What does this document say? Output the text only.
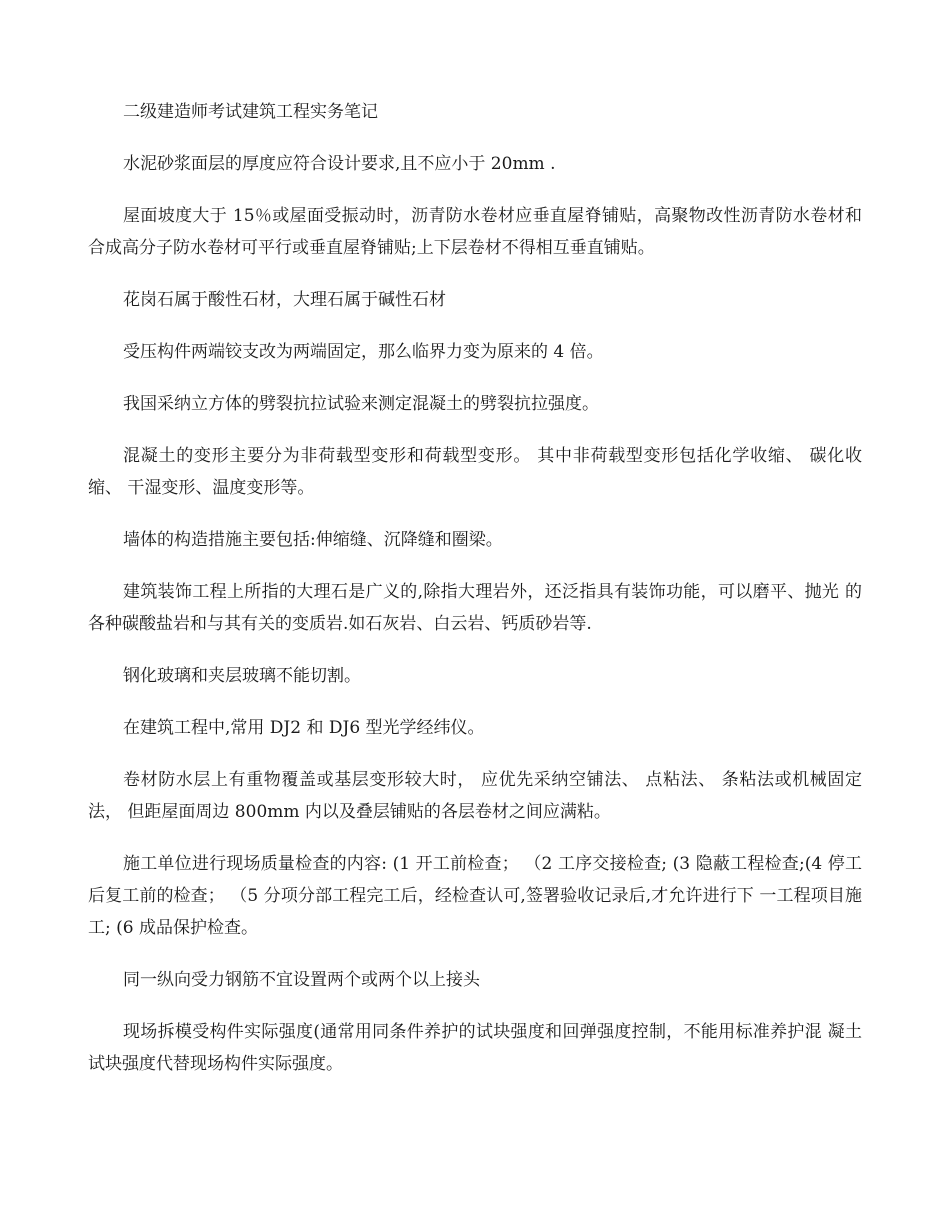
二级建造师考试建筑工程实务笔记

水泥砂浆面层的厚度应符合设计要求,且不应小于 20mm .

屋面坡度大于 15％或屋面受振动时，沥青防水卷材应垂直屋脊铺贴，高聚物改性沥青防水卷材和 合成高分子防水卷材可平行或垂直屋脊铺贴;上下层卷材不得相互垂直铺贴。

花岗石属于酸性石材，大理石属于碱性石材

受压构件两端铰支改为两端固定，那么临界力变为原来的 4 倍。

我国采纳立方体的劈裂抗拉试验来测定混凝土的劈裂抗拉强度。

混凝土的变形主要分为非荷载型变形和荷载型变形。 其中非荷载型变形包括化学收缩、 碳化收缩、 干湿变形、温度变形等。

墙体的构造措施主要包括:伸缩缝、沉降缝和圈梁。

建筑装饰工程上所指的大理石是广义的,除指大理岩外，还泛指具有装饰功能，可以磨平、抛光 的各种碳酸盐岩和与其有关的变质岩.如石灰岩、白云岩、钙质砂岩等.

钢化玻璃和夹层玻璃不能切割。

在建筑工程中,常用 DJ2 和 DJ6 型光学经纬仪。

卷材防水层上有重物覆盖或基层变形较大时， 应优先采纳空铺法、 点粘法、 条粘法或机械固定法， 但距屋面周边 800mm 内以及叠层铺贴的各层卷材之间应满粘。

施工单位进行现场质量检查的内容: (1 开工前检查； （2 工序交接检查; (3 隐蔽工程检查;(4 停工后复工前的检查； （5 分项分部工程完工后，经检查认可,签署验收记录后,才允许进行下 一工程项目施工; (6 成品保护检查。

同一纵向受力钢筋不宜设置两个或两个以上接头

现场拆模受构件实际强度(通常用同条件养护的试块强度和回弹强度控制，不能用标准养护混 凝土试块强度代替现场构件实际强度。
